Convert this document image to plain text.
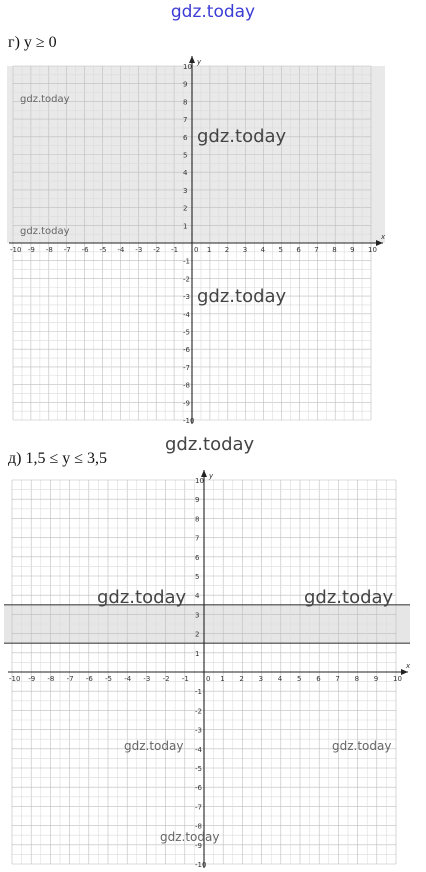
gdz.today
г) y ≥ 0
x
y
-10
-10
-9
-9
-8
-8
-7
-7
-6
-6
-5
-5
-4
-4
-3
-3
-2
-2
-1
-1
0 1
1
2
2
3
3
4
4
5
5
6
6
7
7
8
8
9
9
10
10
gdz.today
gdz.today
gdz.today
gdz.today
gdz.today
д) 1,5 ≤ y ≤ 3,5
x
y
-10
-10
-9
-9
-8
-8
-7
-7
-6
-6
-5
-5
-4
-4
-3
-3
-2
-2
-1
-1
0 1
1
2
2
3
3
4
4
5
5
6
6
7
7
8
8
9
9
10
10
gdz.today	gdz.today
gdz.today	gdz.today
gdz.today
